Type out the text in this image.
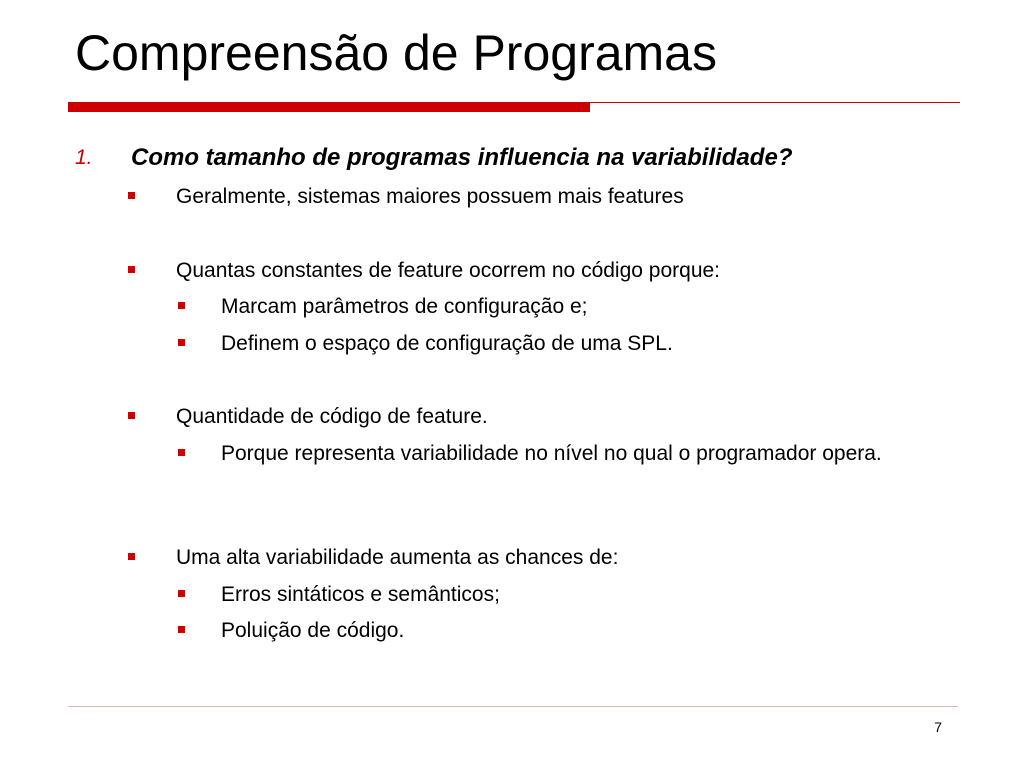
Compreensão de Programas
1. Como tamanho de programas influencia na variabilidade?
Geralmente, sistemas maiores possuem mais features
Quantas constantes de feature ocorrem no código porque:
Marcam parâmetros de configuração e;
Definem o espaço de configuração de uma SPL.
Quantidade de código de feature.
Porque representa variabilidade no nível no qual o programador opera.
Uma alta variabilidade aumenta as chances de:
Erros sintáticos e semânticos;
Poluição de código.
7
